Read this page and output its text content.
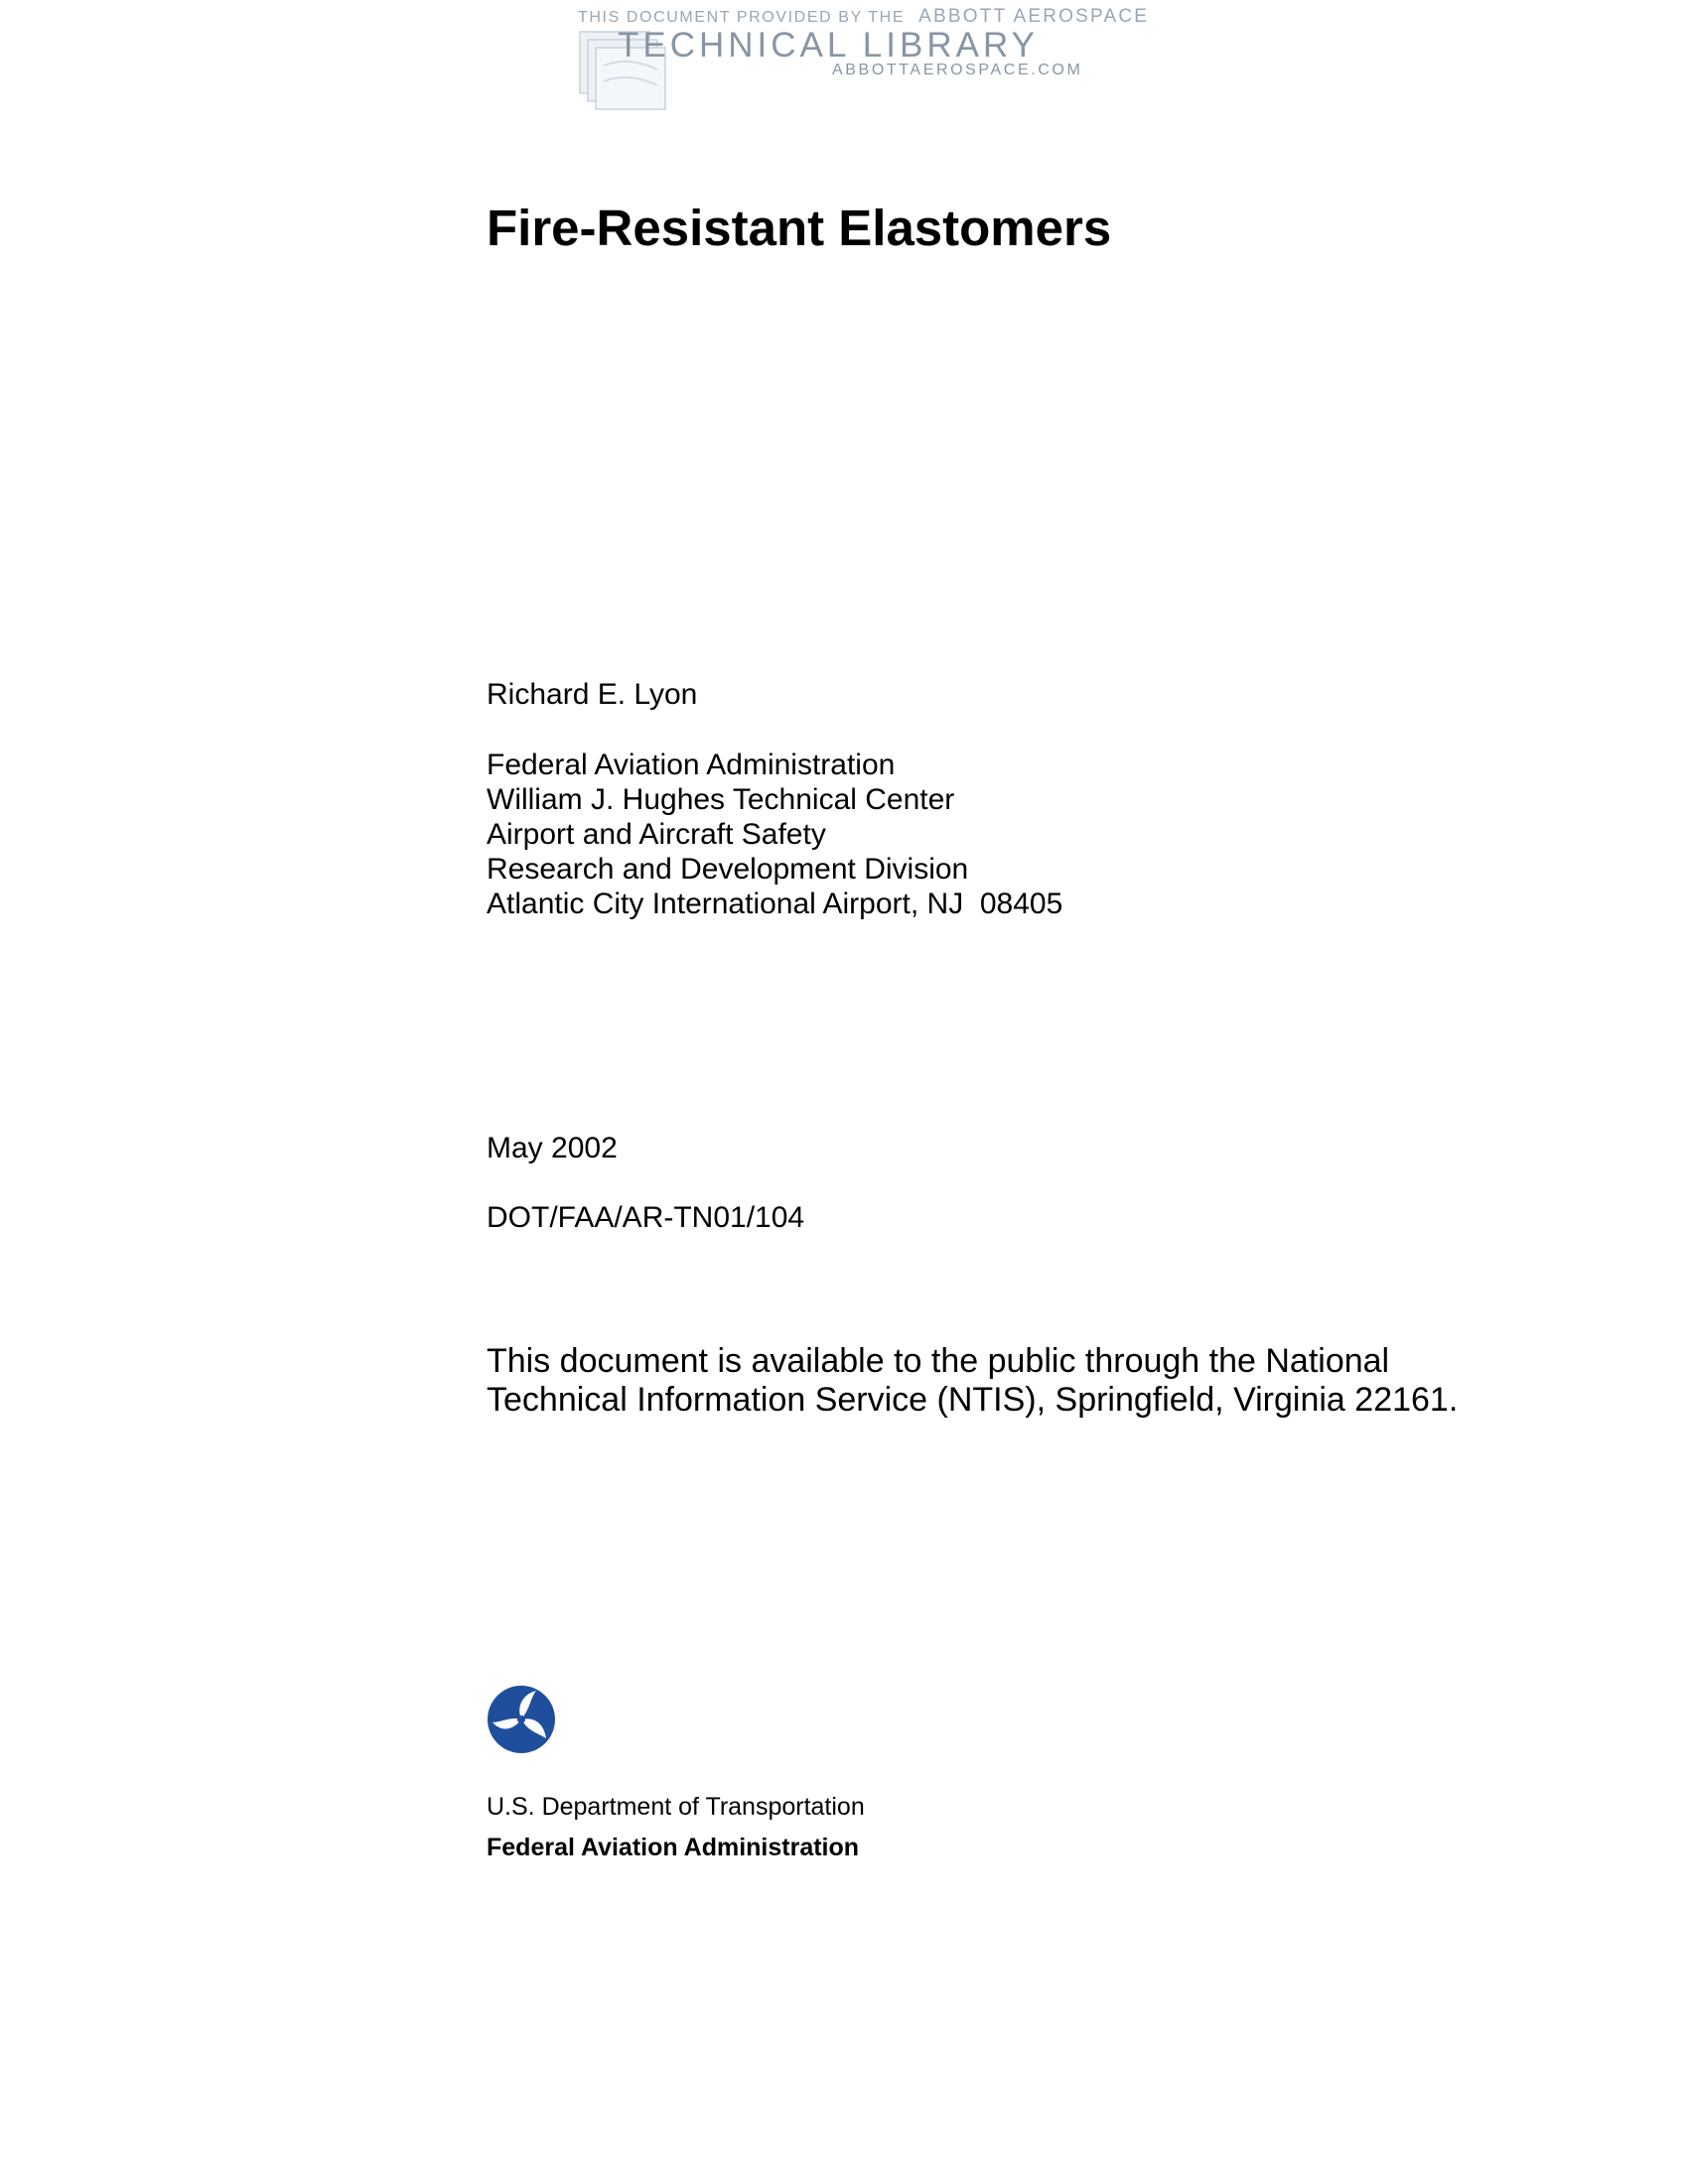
THIS DOCUMENT PROVIDED BY THE ABBOTT AEROSPACE
TECHNICAL LIBRARY
ABBOTTAEROSPACE.COM
Fire-Resistant Elastomers
Richard E. Lyon
Federal Aviation Administration
William J. Hughes Technical Center
Airport and Aircraft Safety
Research and Development Division
Atlantic City International Airport, NJ  08405
May 2002
DOT/FAA/AR-TN01/104
This document is available to the public through the National Technical Information Service (NTIS), Springfield, Virginia 22161.
U.S. Department of Transportation
Federal Aviation Administration
